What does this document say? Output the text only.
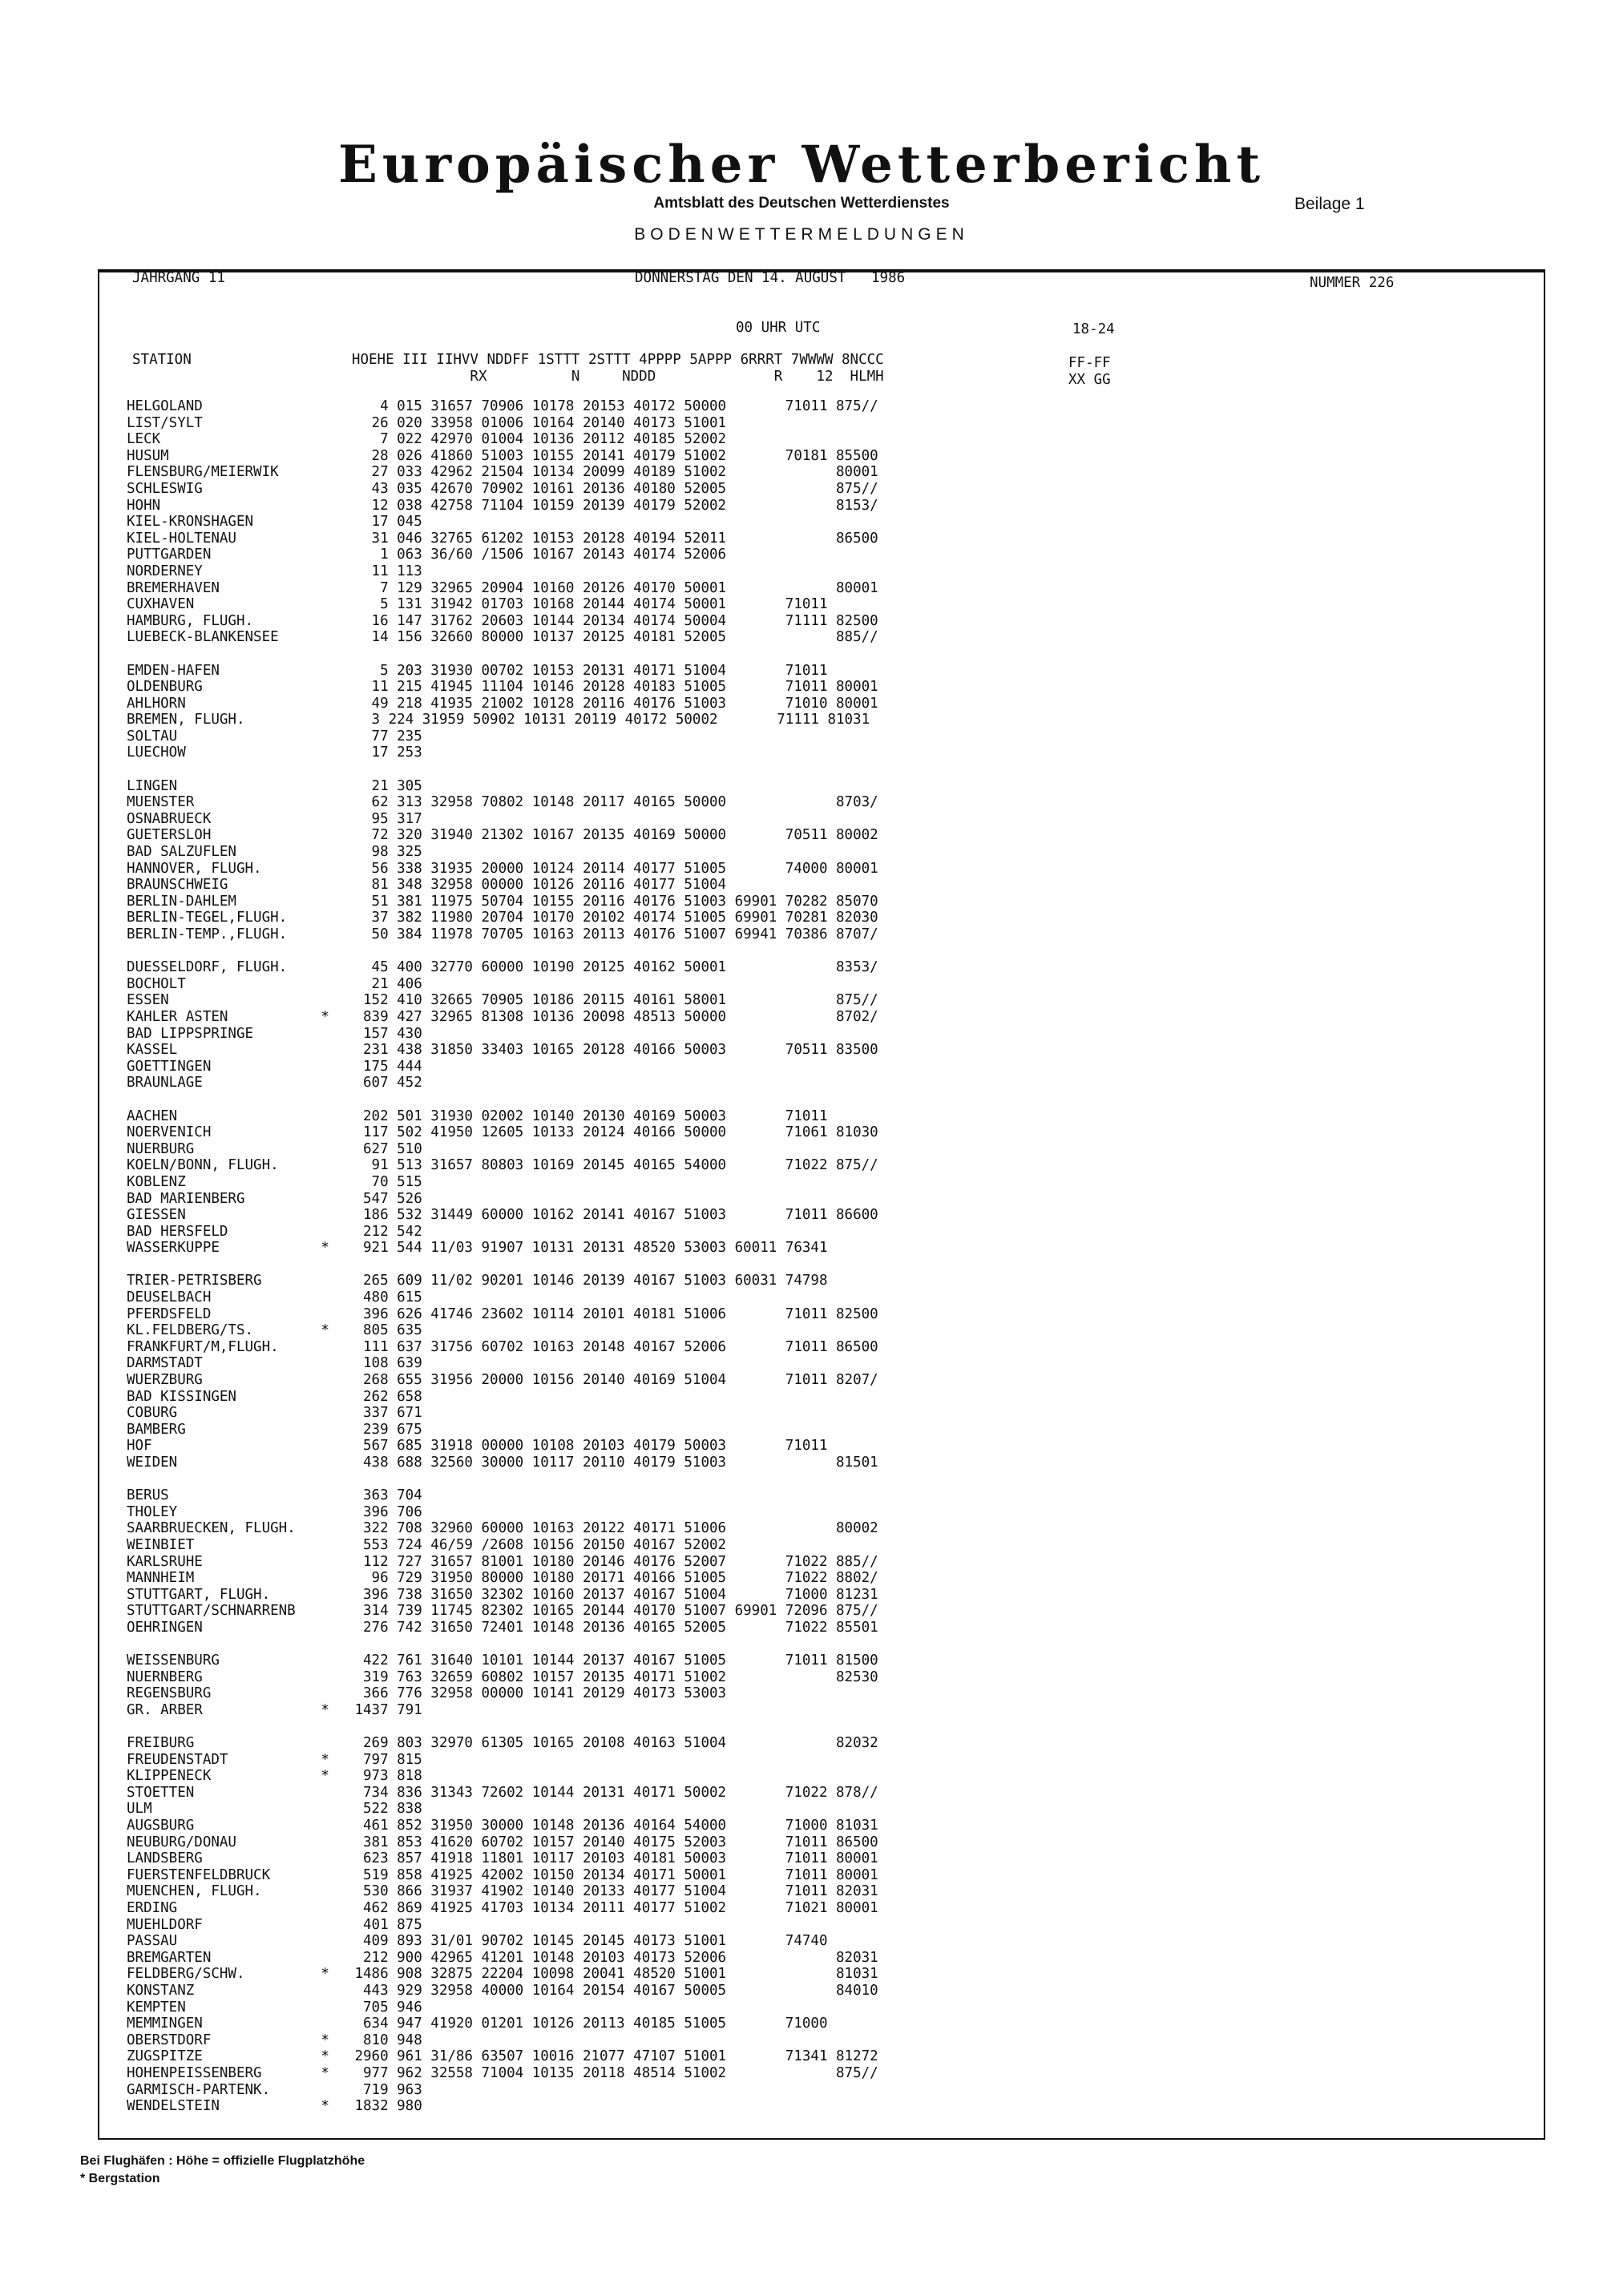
Europäischer Wetterbericht
Amtsblatt des Deutschen Wetterdienstes	Beilage 1
BODENWETTERMELDUNGEN
JAHRGANG 11	DONNERSTAG DEN 14. AUGUST   1986	NUMMER 226
00 UHR UTC	18-24
STATION                   HOEHE III IIHVV NDDFF 1STTT 2STTT 4PPPP 5APPP 6RRRT 7WWWW 8NCCC
RX          N     NDDD              R    12  HLMH
FF-FF
XX GG
HELGOLAND                     4 015 31657 70906 10178 20153 40172 50000       71011 875//
LIST/SYLT                    26 020 33958 01006 10164 20140 40173 51001
LECK                          7 022 42970 01004 10136 20112 40185 52002
HUSUM                        28 026 41860 51003 10155 20141 40179 51002       70181 85500
FLENSBURG/MEIERWIK           27 033 42962 21504 10134 20099 40189 51002             80001
SCHLESWIG                    43 035 42670 70902 10161 20136 40180 52005             875//
HOHN                         12 038 42758 71104 10159 20139 40179 52002             8153/
KIEL-KRONSHAGEN              17 045
KIEL-HOLTENAU                31 046 32765 61202 10153 20128 40194 52011             86500
PUTTGARDEN                    1 063 36/60 /1506 10167 20143 40174 52006
NORDERNEY                    11 113
BREMERHAVEN                   7 129 32965 20904 10160 20126 40170 50001             80001
CUXHAVEN                      5 131 31942 01703 10168 20144 40174 50001       71011
HAMBURG, FLUGH.              16 147 31762 20603 10144 20134 40174 50004       71111 82500
LUEBECK-BLANKENSEE           14 156 32660 80000 10137 20125 40181 52005             885//
EMDEN-HAFEN                   5 203 31930 00702 10153 20131 40171 51004       71011
OLDENBURG                    11 215 41945 11104 10146 20128 40183 51005       71011 80001
AHLHORN                      49 218 41935 21002 10128 20116 40176 51003       71010 80001
BREMEN, FLUGH.               3 224 31959 50902 10131 20119 40172 50002       71111 81031
SOLTAU                       77 235
LUECHOW                      17 253
LINGEN                       21 305
MUENSTER                     62 313 32958 70802 10148 20117 40165 50000             8703/
OSNABRUECK                   95 317
GUETERSLOH                   72 320 31940 21302 10167 20135 40169 50000       70511 80002
BAD SALZUFLEN                98 325
HANNOVER, FLUGH.             56 338 31935 20000 10124 20114 40177 51005       74000 80001
BRAUNSCHWEIG                 81 348 32958 00000 10126 20116 40177 51004
BERLIN-DAHLEM                51 381 11975 50704 10155 20116 40176 51003 69901 70282 85070
BERLIN-TEGEL,FLUGH.          37 382 11980 20704 10170 20102 40174 51005 69901 70281 82030
BERLIN-TEMP.,FLUGH.          50 384 11978 70705 10163 20113 40176 51007 69941 70386 8707/
DUESSELDORF, FLUGH.          45 400 32770 60000 10190 20125 40162 50001             8353/
BOCHOLT                      21 406
ESSEN                       152 410 32665 70905 10186 20115 40161 58001             875//
KAHLER ASTEN           *    839 427 32965 81308 10136 20098 48513 50000             8702/
BAD LIPPSPRINGE             157 430
KASSEL                      231 438 31850 33403 10165 20128 40166 50003       70511 83500
GOETTINGEN                  175 444
BRAUNLAGE                   607 452
AACHEN                      202 501 31930 02002 10140 20130 40169 50003       71011
NOERVENICH                  117 502 41950 12605 10133 20124 40166 50000       71061 81030
NUERBURG                    627 510
KOELN/BONN, FLUGH.           91 513 31657 80803 10169 20145 40165 54000       71022 875//
KOBLENZ                      70 515
BAD MARIENBERG              547 526
GIESSEN                     186 532 31449 60000 10162 20141 40167 51003       71011 86600
BAD HERSFELD                212 542
WASSERKUPPE            *    921 544 11/03 91907 10131 20131 48520 53003 60011 76341
TRIER-PETRISBERG            265 609 11/02 90201 10146 20139 40167 51003 60031 74798
DEUSELBACH                  480 615
PFERDSFELD                  396 626 41746 23602 10114 20101 40181 51006       71011 82500
KL.FELDBERG/TS.        *    805 635
FRANKFURT/M,FLUGH.          111 637 31756 60702 10163 20148 40167 52006       71011 86500
DARMSTADT                   108 639
WUERZBURG                   268 655 31956 20000 10156 20140 40169 51004       71011 8207/
BAD KISSINGEN               262 658
COBURG                      337 671
BAMBERG                     239 675
HOF                         567 685 31918 00000 10108 20103 40179 50003       71011
WEIDEN                      438 688 32560 30000 10117 20110 40179 51003             81501
BERUS                       363 704
THOLEY                      396 706
SAARBRUECKEN, FLUGH.        322 708 32960 60000 10163 20122 40171 51006             80002
WEINBIET                    553 724 46/59 /2608 10156 20150 40167 52002
KARLSRUHE                   112 727 31657 81001 10180 20146 40176 52007       71022 885//
MANNHEIM                     96 729 31950 80000 10180 20171 40166 51005       71022 8802/
STUTTGART, FLUGH.           396 738 31650 32302 10160 20137 40167 51004       71000 81231
STUTTGART/SCHNARRENB        314 739 11745 82302 10165 20144 40170 51007 69901 72096 875//
OEHRINGEN                   276 742 31650 72401 10148 20136 40165 52005       71022 85501
WEISSENBURG                 422 761 31640 10101 10144 20137 40167 51005       71011 81500
NUERNBERG                   319 763 32659 60802 10157 20135 40171 51002             82530
REGENSBURG                  366 776 32958 00000 10141 20129 40173 53003
GR. ARBER              *   1437 791
FREIBURG                    269 803 32970 61305 10165 20108 40163 51004             82032
FREUDENSTADT           *    797 815
KLIPPENECK             *    973 818
STOETTEN                    734 836 31343 72602 10144 20131 40171 50002       71022 878//
ULM                         522 838
AUGSBURG                    461 852 31950 30000 10148 20136 40164 54000       71000 81031
NEUBURG/DONAU               381 853 41620 60702 10157 20140 40175 52003       71011 86500
LANDSBERG                   623 857 41918 11801 10117 20103 40181 50003       71011 80001
FUERSTENFELDBRUCK           519 858 41925 42002 10150 20134 40171 50001       71011 80001
MUENCHEN, FLUGH.            530 866 31937 41902 10140 20133 40177 51004       71011 82031
ERDING                      462 869 41925 41703 10134 20111 40177 51002       71021 80001
MUEHLDORF                   401 875
PASSAU                      409 893 31/01 90702 10145 20145 40173 51001       74740
BREMGARTEN                  212 900 42965 41201 10148 20103 40173 52006             82031
FELDBERG/SCHW.         *   1486 908 32875 22204 10098 20041 48520 51001             81031
KONSTANZ                    443 929 32958 40000 10164 20154 40167 50005             84010
KEMPTEN                     705 946
MEMMINGEN                   634 947 41920 01201 10126 20113 40185 51005       71000
OBERSTDORF             *    810 948
ZUGSPITZE              *   2960 961 31/86 63507 10016 21077 47107 51001       71341 81272
HOHENPEISSENBERG       *    977 962 32558 71004 10135 20118 48514 51002             875//
GARMISCH-PARTENK.           719 963
WENDELSTEIN            *   1832 980
Bei Flughäfen : Höhe = offizielle Flugplatzhöhe
* Bergstation
